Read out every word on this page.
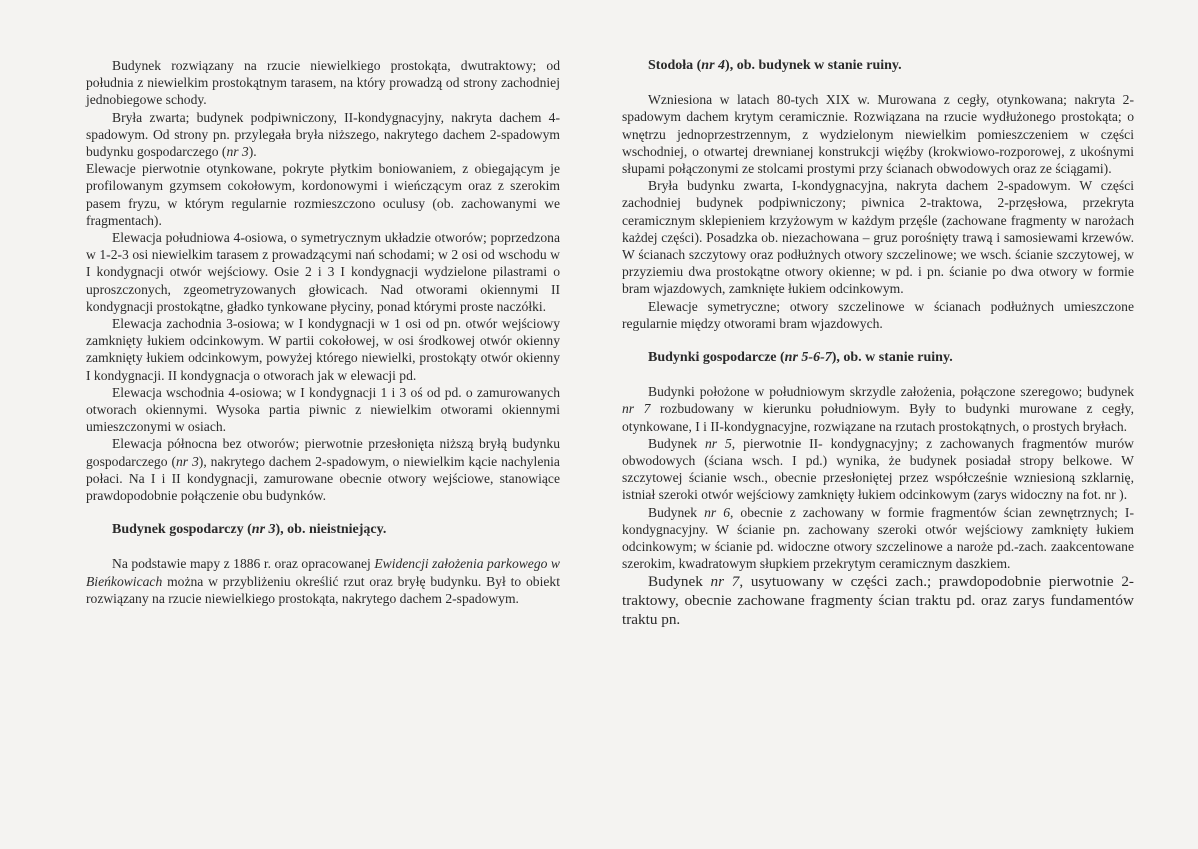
Budynek rozwiązany na rzucie niewielkiego prostokąta, dwutraktowy; od południa z niewielkim prostokątnym tarasem, na który prowadzą od strony zachodniej jednobiegowe schody.

Bryła zwarta; budynek podpiwniczony, II-kondygnacyjny, nakryta dachem 4-spadowym. Od strony pn. przylegała bryła niższego, nakrytego dachem 2-spadowym budynku gospodarczego (nr 3).

Elewacje pierwotnie otynkowane, pokryte płytkim boniowaniem, z obiegającym je profilowanym gzymsem cokołowym, kordonowymi i wieńczącym oraz z szerokim pasem fryzu, w którym regularnie rozmieszczono oculusy (ob. zachowanymi we fragmentach).

Elewacja południowa 4-osiowa, o symetrycznym układzie otworów; poprzedzona w 1-2-3 osi niewielkim tarasem z prowadzącymi nań schodami; w 2 osi od wschodu w I kondygnacji otwór wejściowy. Osie 2 i 3 I kondygnacji wydzielone pilastrami o uproszczonych, zgeometryzowanych głowicach. Nad otworami okiennymi II kondygnacji prostokątne, gładko tynkowane płyciny, ponad którymi proste naczółki.

Elewacja zachodnia 3-osiowa; w I kondygnacji w 1 osi od pn. otwór wejściowy zamknięty łukiem odcinkowym. W partii cokołowej, w osi środkowej otwór okienny zamknięty łukiem odcinkowym, powyżej którego niewielki, prostokąty otwór okienny I kondygnacji. II kondygnacja o otworach jak w elewacji pd.

Elewacja wschodnia 4-osiowa; w I kondygnacji 1 i 3 oś od pd. o zamurowanych otworach okiennymi. Wysoka partia piwnic z niewielkim otworami okiennymi umieszczonymi w osiach.

Elewacja północna bez otworów; pierwotnie przesłonięta niższą bryłą budynku gospodarczego (nr 3), nakrytego dachem 2-spadowym, o niewielkim kącie nachylenia połaci. Na I i II kondygnacji, zamurowane obecnie otwory wejściowe, stanowiące prawdopodobnie połączenie obu budynków.

Budynek gospodarczy (nr 3), ob. nieistniejący.

Na podstawie mapy z 1886 r. oraz opracowanej Ewidencji założenia parkowego w Bieńkowicach można w przybliżeniu określić rzut oraz bryłę budynku. Był to obiekt rozwiązany na rzucie niewielkiego prostokąta, nakrytego dachem 2-spadowym.

Stodoła (nr 4), ob. budynek w stanie ruiny.

Wzniesiona w latach 80-tych XIX w. Murowana z cegły, otynkowana; nakryta 2-spadowym dachem krytym ceramicznie. Rozwiązana na rzucie wydłużonego prostokąta; o wnętrzu jednoprzestrzennym, z wydzielonym niewielkim pomieszczeniem w części wschodniej, o otwartej drewnianej konstrukcji więźby (krokwiowo-rozporowej, z ukośnymi słupami połączonymi ze stolcami prostymi przy ścianach obwodowych oraz ze ściągami).

Bryła budynku zwarta, I-kondygnacyjna, nakryta dachem 2-spadowym. W części zachodniej budynek podpiwniczony; piwnica 2-traktowa, 2-przęsłowa, przekryta ceramicznym sklepieniem krzyżowym w każdym przęśle (zachowane fragmenty w narożach każdej części). Posadzka ob. niezachowana – gruz porośnięty trawą i samosiewami krzewów. W ścianach szczytowy oraz podłużnych otwory szczelinowe; we wsch. ścianie szczytowej, w przyziemiu dwa prostokątne otwory okienne; w pd. i pn. ścianie po dwa otwory w formie bram wjazdowych, zamknięte łukiem odcinkowym.

Elewacje symetryczne; otwory szczelinowe w ścianach podłużnych umieszczone regularnie między otworami bram wjazdowych.

Budynki gospodarcze (nr 5-6-7), ob. w stanie ruiny.

Budynki położone w południowym skrzydle założenia, połączone szeregowo; budynek nr 7 rozbudowany w kierunku południowym. Były to budynki murowane z cegły, otynkowane, I i II-kondygnacyjne, rozwiązane na rzutach prostokątnych, o prostych bryłach.

Budynek nr 5, pierwotnie II- kondygnacyjny; z zachowanych fragmentów murów obwodowych (ściana wsch. I pd.) wynika, że budynek posiadał stropy belkowe. W szczytowej ścianie wsch., obecnie przesłoniętej przez współcześnie wzniesioną szklarnię, istniał szeroki otwór wejściowy zamknięty łukiem odcinkowym (zarys widoczny na fot. nr ).

Budynek nr 6, obecnie z zachowany w formie fragmentów ścian zewnętrznych; I-kondygnacyjny. W ścianie pn. zachowany szeroki otwór wejściowy zamknięty łukiem odcinkowym; w ścianie pd. widoczne otwory szczelinowe a naroże pd.-zach. zaakcentowane szerokim, kwadratowym słupkiem przekrytym ceramicznym daszkiem.

Budynek nr 7, usytuowany w części zach.; prawdopodobnie pierwotnie 2-traktowy, obecnie zachowane fragmenty ścian traktu pd. oraz zarys fundamentów traktu pn.
